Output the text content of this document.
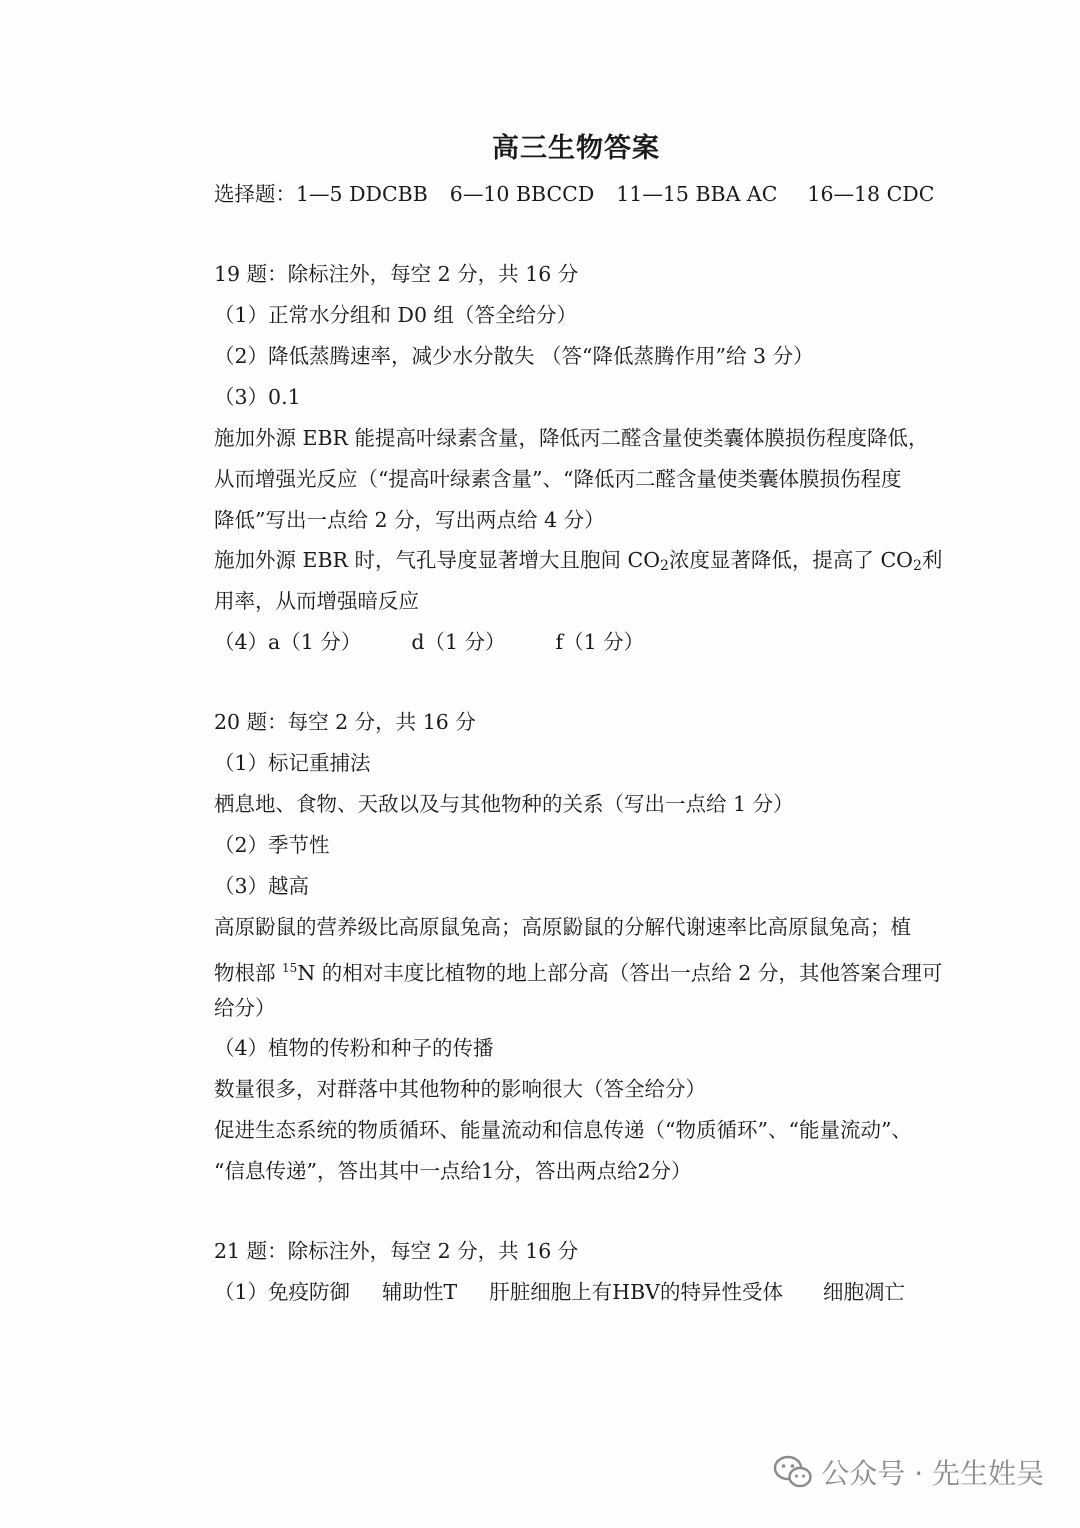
高三生物答案
选择题：1—5 DDCBB 6—10 BBCCD 11—15 BBA AC 16—18 CDC
19 题：除标注外，每空 2 分，共 16 分
（1）正常水分组和 D0 组（答全给分）
（2）降低蒸腾速率，减少水分散失 （答“降低蒸腾作用”给 3 分）
（3）0.1
施加外源 EBR 能提高叶绿素含量，降低丙二醛含量使类囊体膜损伤程度降低，
从而增强光反应（“提高叶绿素含量”、“降低丙二醛含量使类囊体膜损伤程度
降低”写出一点给 2 分，写出两点给 4 分）
施加外源 EBR 时，气孔导度显著增大且胞间 $CO_2$浓度显著降低，提高了 $CO_2$利
用率，从而增强暗反应
（4）a（1 分） d（1 分） f（1 分）
20 题：每空 2 分，共 16 分
（1）标记重捕法
栖息地、食物、天敌以及与其他物种的关系（写出一点给 1 分）
（2）季节性
（3）越高
高原鼢鼠的营养级比高原鼠兔高；高原鼢鼠的分解代谢速率比高原鼠兔高；植
物根部 $^{15}$N 的相对丰度比植物的地上部分高（答出一点给 2 分，其他答案合理可
给分）
（4）植物的传粉和种子的传播
数量很多，对群落中其他物种的影响很大（答全给分）
促进生态系统的物质循环、能量流动和信息传递（“物质循环”、“能量流动”、
“信息传递”，答出其中一点给1分，答出两点给2分）
21 题：除标注外，每空 2 分，共 16 分
（1）免疫防御 辅助性T 肝脏细胞上有HBV的特异性受体 细胞凋亡
公众号 · 先生姓吴
